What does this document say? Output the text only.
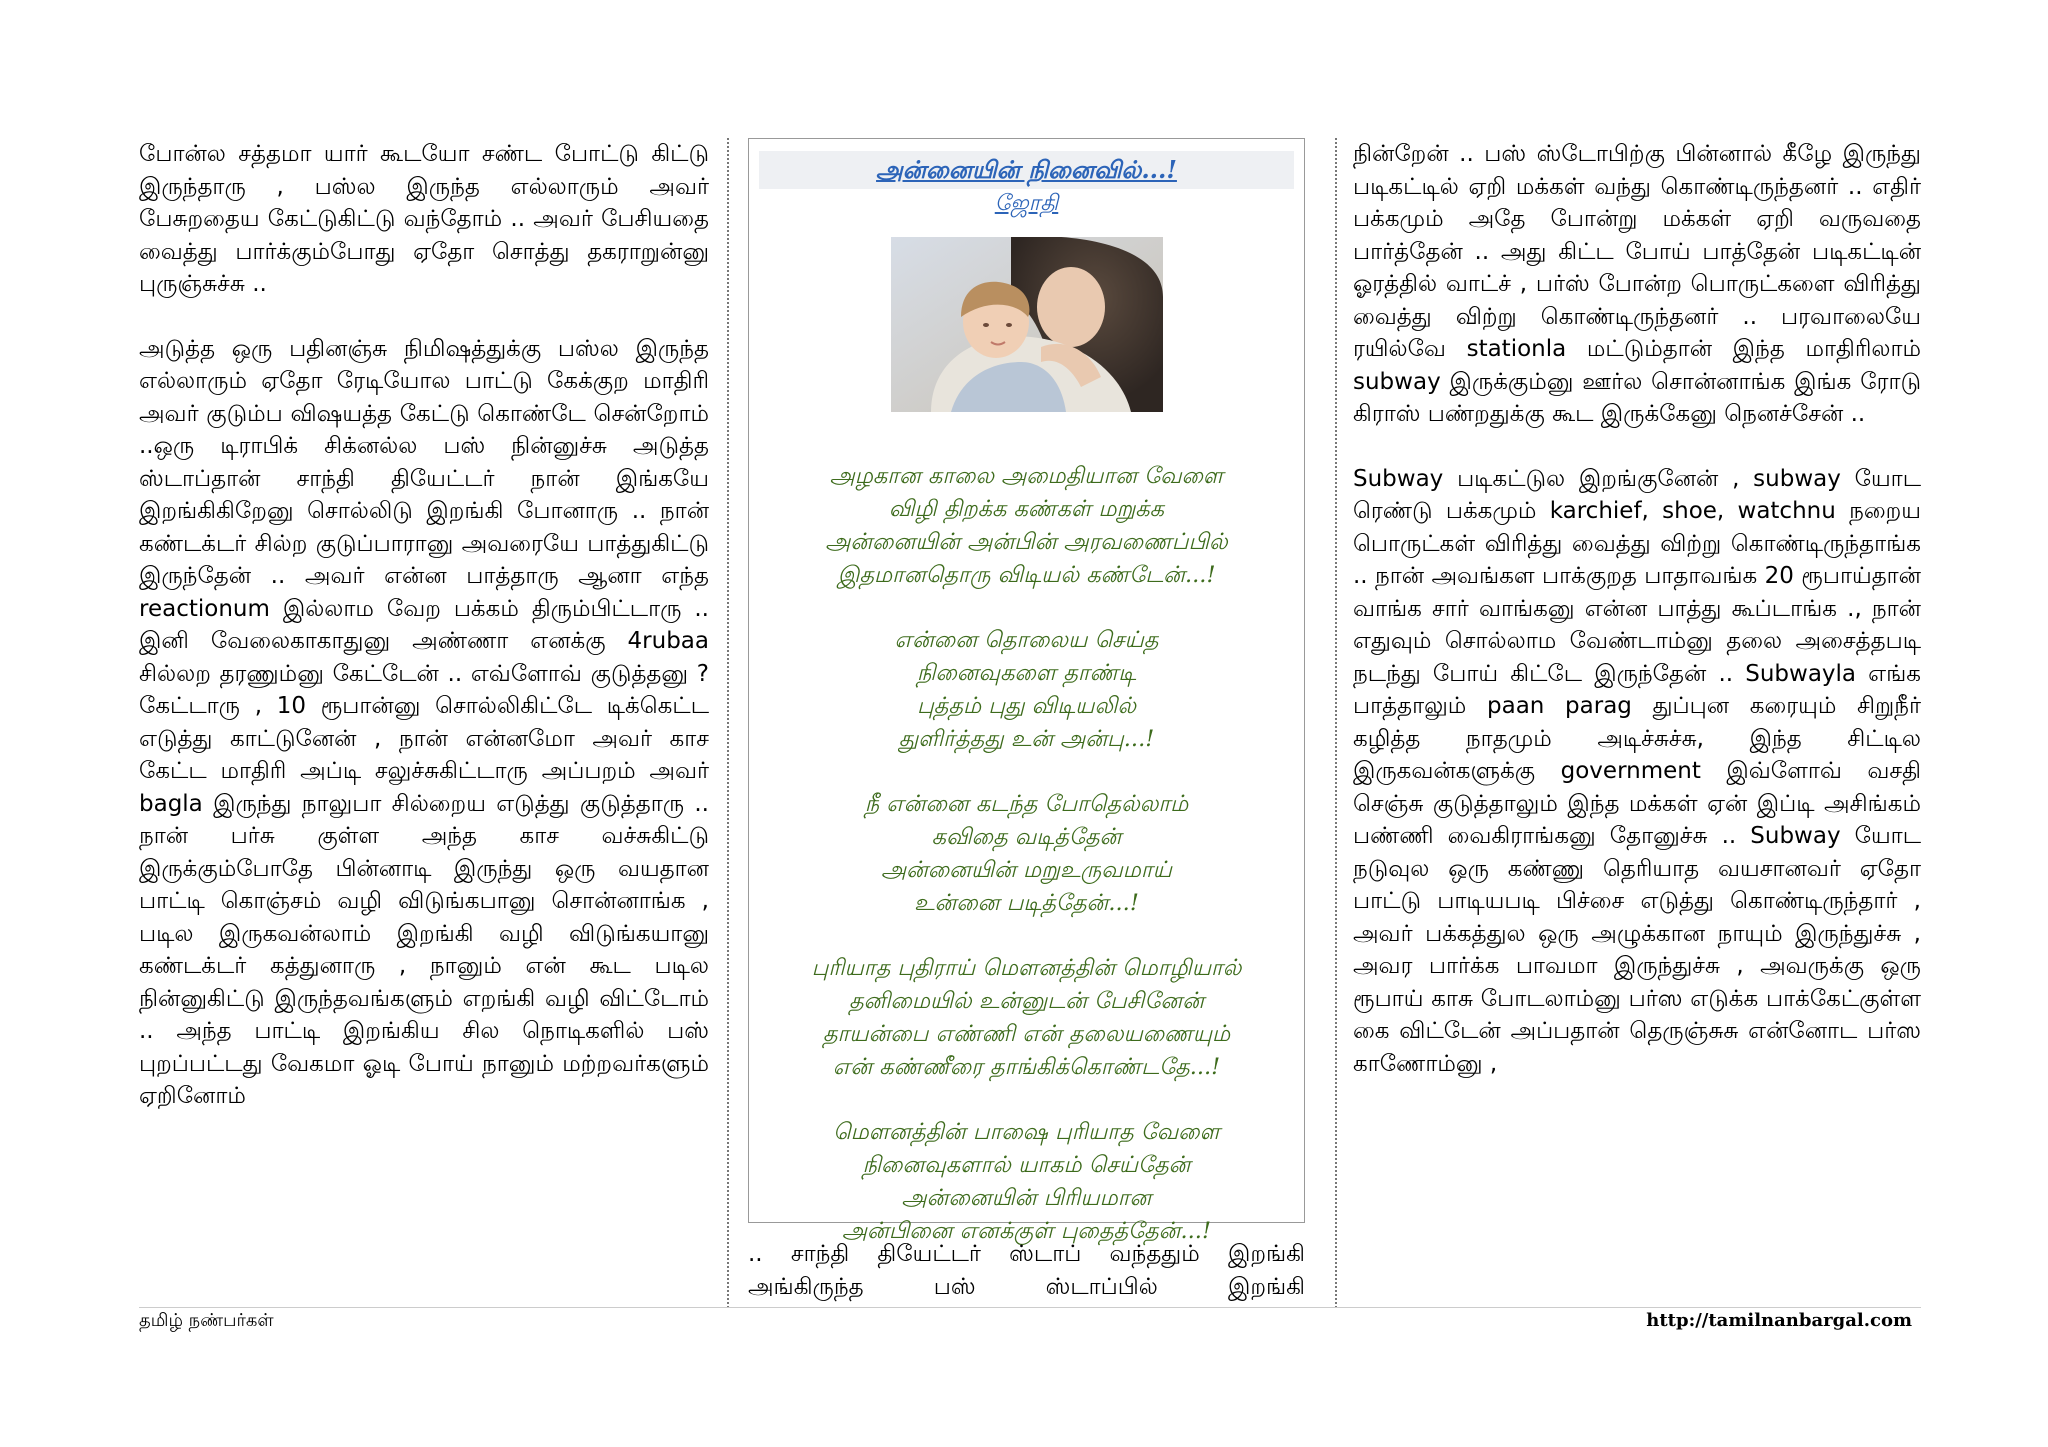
போன்ல சத்தமா யார் கூடயோ சண்ட போட்டு கிட்டு இருந்தாரு , பஸ்ல இருந்த எல்லாரும் அவர் பேசுறதைய கேட்டுகிட்டு வந்தோம் .. அவர் பேசியதை வைத்து பார்க்கும்போது ஏதோ சொத்து தகராறுன்னு புருஞ்சுச்சு ..

அடுத்த ஒரு பதினஞ்சு நிமிஷத்துக்கு பஸ்ல இருந்த எல்லாரும் ஏதோ ரேடியோல பாட்டு கேக்குற மாதிரி அவர் குடும்ப விஷயத்த கேட்டு கொண்டே சென்றோம் ..ஒரு டிராபிக் சிக்னல்ல பஸ் நின்னுச்சு அடுத்த ஸ்டாப்தான் சாந்தி தியேட்டர் நான் இங்கயே இறங்கிகிறேனு சொல்லிடு இறங்கி போனாரு .. நான் கண்டக்டர் சில்ற குடுப்பாரானு அவரையே பாத்துகிட்டு இருந்தேன் .. அவர் என்ன பாத்தாரு ஆனா எந்த reactionum இல்லாம வேற பக்கம் திரும்பிட்டாரு .. இனி வேலைகாகாதுனு அண்ணா எனக்கு 4rubaa சில்லற தரணும்னு கேட்டேன் .. எவ்ளோவ் குடுத்தனு ? கேட்டாரு , 10 ரூபான்னு சொல்லிகிட்டே டிக்கெட்ட எடுத்து காட்டுனேன் , நான் என்னமோ அவர் காச கேட்ட மாதிரி அப்டி சலுச்சுகிட்டாரு அப்பறம் அவர் bagla இருந்து நாலுபா சில்றைய எடுத்து குடுத்தாரு .. நான் பர்சு குள்ள அந்த காச வச்சுகிட்டு இருக்கும்போதே பின்னாடி இருந்து ஒரு வயதான பாட்டி கொஞ்சம் வழி விடுங்கபானு சொன்னாங்க , படில இருகவன்லாம் இறங்கி வழி விடுங்கயானு கண்டக்டர் கத்துனாரு , நானும் என் கூட படில நின்னுகிட்டு இருந்தவங்களும் எறங்கி வழி விட்டோம் .. அந்த பாட்டி இறங்கிய சில நொடிகளில் பஸ் புறப்பட்டது வேகமா ஓடி போய் நானும் மற்றவர்களும் ஏறினோம்

அன்னையின் நினைவில்...!
ஜோதி
அழகான காலை அமைதியான வேளை
விழி திறக்க கண்கள் மறுக்க
அன்னையின் அன்பின் அரவணைப்பில்
இதமானதொரு விடியல் கண்டேன்...!
என்னை தொலைய செய்த
நினைவுகளை தாண்டி
புத்தம் புது விடியலில்
துளிர்த்தது உன் அன்பு...!
நீ என்னை கடந்த போதெல்லாம்
கவிதை வடித்தேன்
அன்னையின் மறுஉருவமாய்
உன்னை படித்தேன்...!
புரியாத புதிராய் மௌனத்தின் மொழியால்
தனிமையில் உன்னுடன் பேசினேன்
தாயன்பை எண்ணி என் தலையணையும்
என் கண்ணீரை தாங்கிக்கொண்டதே...!
மௌனத்தின் பாஷை புரியாத வேளை
நினைவுகளால் யாகம் செய்தேன்
அன்னையின் பிரியமான
அன்பினை எனக்குள் புதைத்தேன்...!
.. சாந்தி தியேட்டர் ஸ்டாப் வந்ததும் இறங்கி அங்கிருந்த பஸ் ஸ்டாப்பில் இறங்கி

நின்றேன் .. பஸ் ஸ்டோபிற்கு பின்னால் கீழே இருந்து படிகட்டில் ஏறி மக்கள் வந்து கொண்டிருந்தனர் .. எதிர் பக்கமும் அதே போன்று மக்கள் ஏறி வருவதை பார்த்தேன் .. அது கிட்ட போய் பாத்தேன் படிகட்டின் ஓரத்தில் வாட்ச் , பர்ஸ் போன்ற பொருட்களை விரித்து வைத்து விற்று கொண்டிருந்தனர் .. பரவாலையே ரயில்வே stationla மட்டும்தான் இந்த மாதிரிலாம் subway இருக்கும்னு ஊர்ல சொன்னாங்க இங்க ரோடு கிராஸ் பண்றதுக்கு கூட இருக்கேனு நெனச்சேன் ..

Subway படிகட்டுல இறங்குனேன் , subway யோட ரெண்டு பக்கமும் karchief, shoe, watchnu நறைய பொருட்கள் விரித்து வைத்து விற்று கொண்டிருந்தாங்க .. நான் அவங்கள பாக்குறத பாதாவங்க 20 ரூபாய்தான் வாங்க சார் வாங்கனு என்ன பாத்து கூப்டாங்க ., நான் எதுவும் சொல்லாம வேண்டாம்னு தலை அசைத்தபடி நடந்து போய் கிட்டே இருந்தேன் .. Subwayla எங்க பாத்தாலும் paan parag துப்புன கரையும் சிறுநீர் கழித்த நாதமும் அடிச்சுச்சு, இந்த சிட்டில இருகவன்களுக்கு government இவ்ளோவ் வசதி செஞ்சு குடுத்தாலும் இந்த மக்கள் ஏன் இப்டி அசிங்கம் பண்ணி வைகிராங்கனு தோனுச்சு .. Subway யோட நடுவுல ஒரு கண்ணு தெரியாத வயசானவர் ஏதோ பாட்டு பாடியபடி பிச்சை எடுத்து கொண்டிருந்தார் , அவர் பக்கத்துல ஒரு அழுக்கான நாயும் இருந்துச்சு , அவர பார்க்க பாவமா இருந்துச்சு , அவருக்கு ஒரு ரூபாய் காசு போடலாம்னு பர்ஸ எடுக்க பாக்கேட்குள்ள கை விட்டேன் அப்பதான் தெருஞ்சுசு என்னோட பர்ஸ காணோம்னு ,

தமிழ் நண்பர்கள்	http://tamilnanbargal.com
